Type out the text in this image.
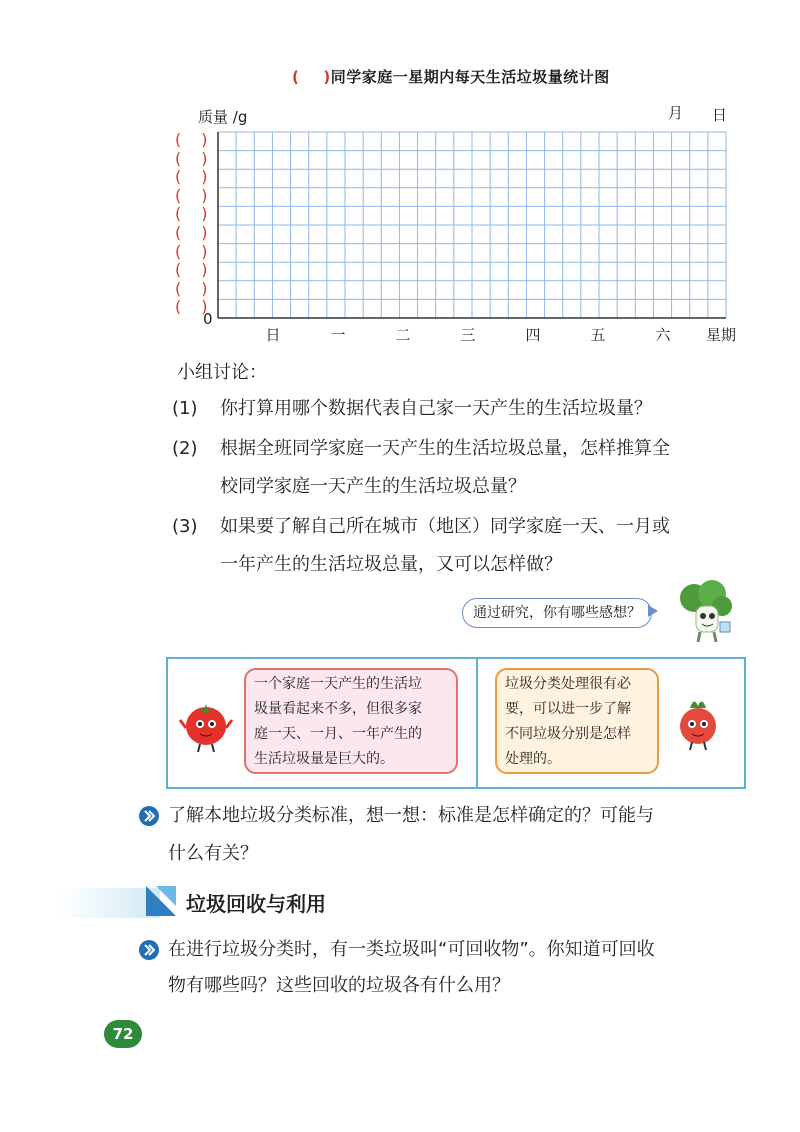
( )同学家庭一星期内每天生活垃圾量统计图
质量 /g	月 日
( )
( )
( )
( )
( )
( )
( )
( )
( )
( )
0
日	一	二	三	四	五	六	星期
小组讨论：
(1) 你打算用哪个数据代表自己家一天产生的生活垃圾量？
(2) 根据全班同学家庭一天产生的生活垃圾总量，怎样推算全
校同学家庭一天产生的生活垃圾总量？
(3) 如果要了解自己所在城市（地区）同学家庭一天、一月或
一年产生的生活垃圾总量，又可以怎样做？
通过研究，你有哪些感想？
一个家庭一天产生的生活垃
圾量看起来不多，但很多家
庭一天、一月、一年产生的
生活垃圾量是巨大的。
垃圾分类处理很有必
要，可以进一步了解
不同垃圾分别是怎样
处理的。
了解本地垃圾分类标准，想一想：标准是怎样确定的？可能与
什么有关？
垃圾回收与利用
在进行垃圾分类时，有一类垃圾叫“可回收物”。你知道可回收
物有哪些吗？这些回收的垃圾各有什么用？
72
